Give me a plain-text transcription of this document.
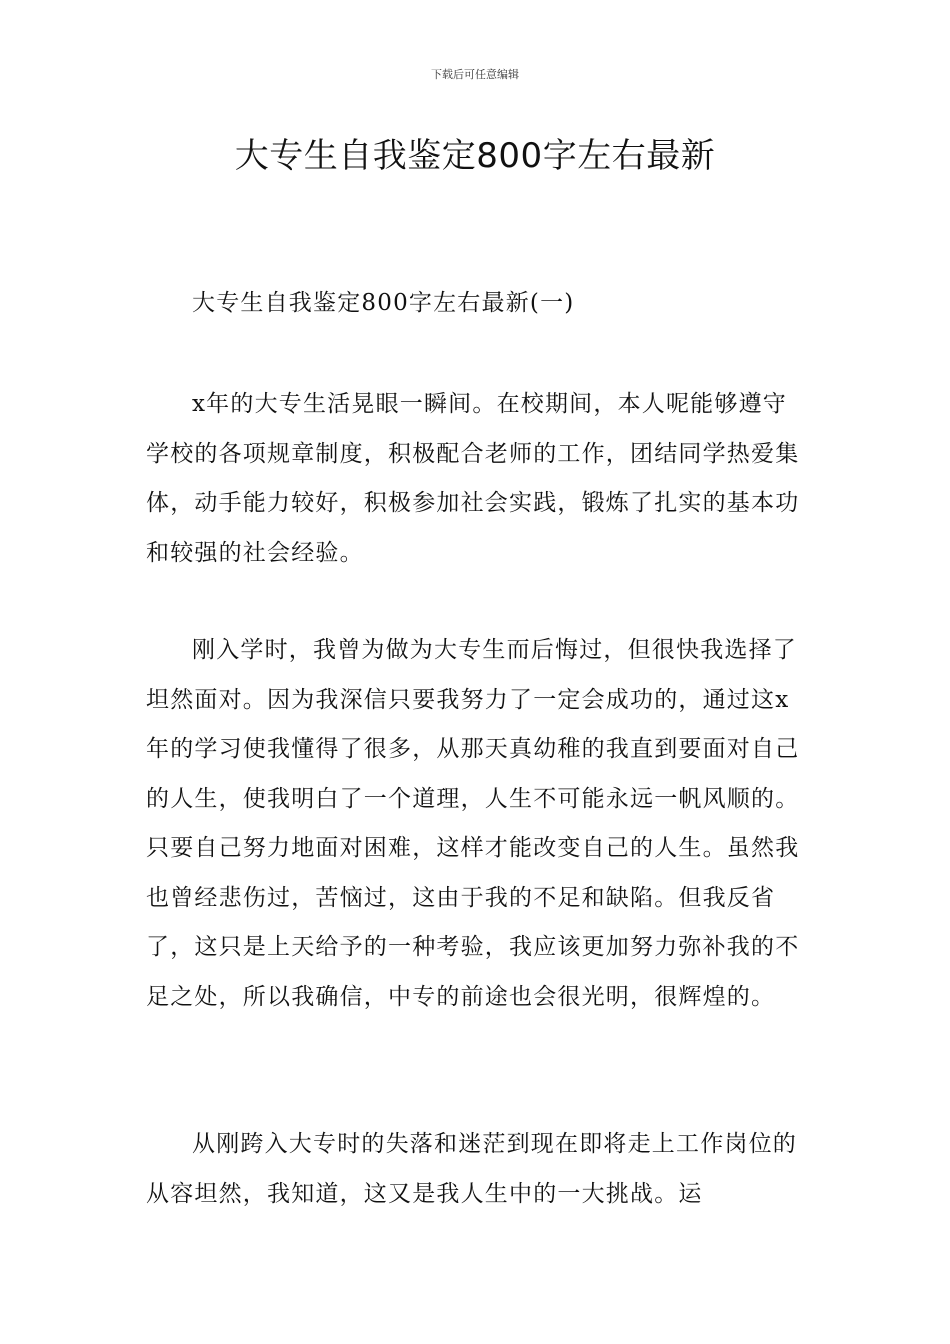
下载后可任意编辑
大专生自我鉴定800字左右最新

大专生自我鉴定800字左右最新(一)

x年的大专生活晃眼一瞬间。在校期间，本人呢能够遵守学校的各项规章制度，积极配合老师的工作，团结同学热爱集体，动手能力较好，积极参加社会实践，锻炼了扎实的基本功和较强的社会经验。

刚入学时，我曾为做为大专生而后悔过，但很快我选择了坦然面对。因为我深信只要我努力了一定会成功的，通过这x年的学习使我懂得了很多，从那天真幼稚的我直到要面对自己的人生，使我明白了一个道理，人生不可能永远一帆风顺的。只要自己努力地面对困难，这样才能改变自己的人生。虽然我也曾经悲伤过，苦恼过，这由于我的不足和缺陷。但我反省了，这只是上天给予的一种考验，我应该更加努力弥补我的不足之处，所以我确信，中专的前途也会很光明，很辉煌的。

从刚跨入大专时的失落和迷茫到现在即将走上工作岗位的从容坦然，我知道，这又是我人生中的一大挑战。运
